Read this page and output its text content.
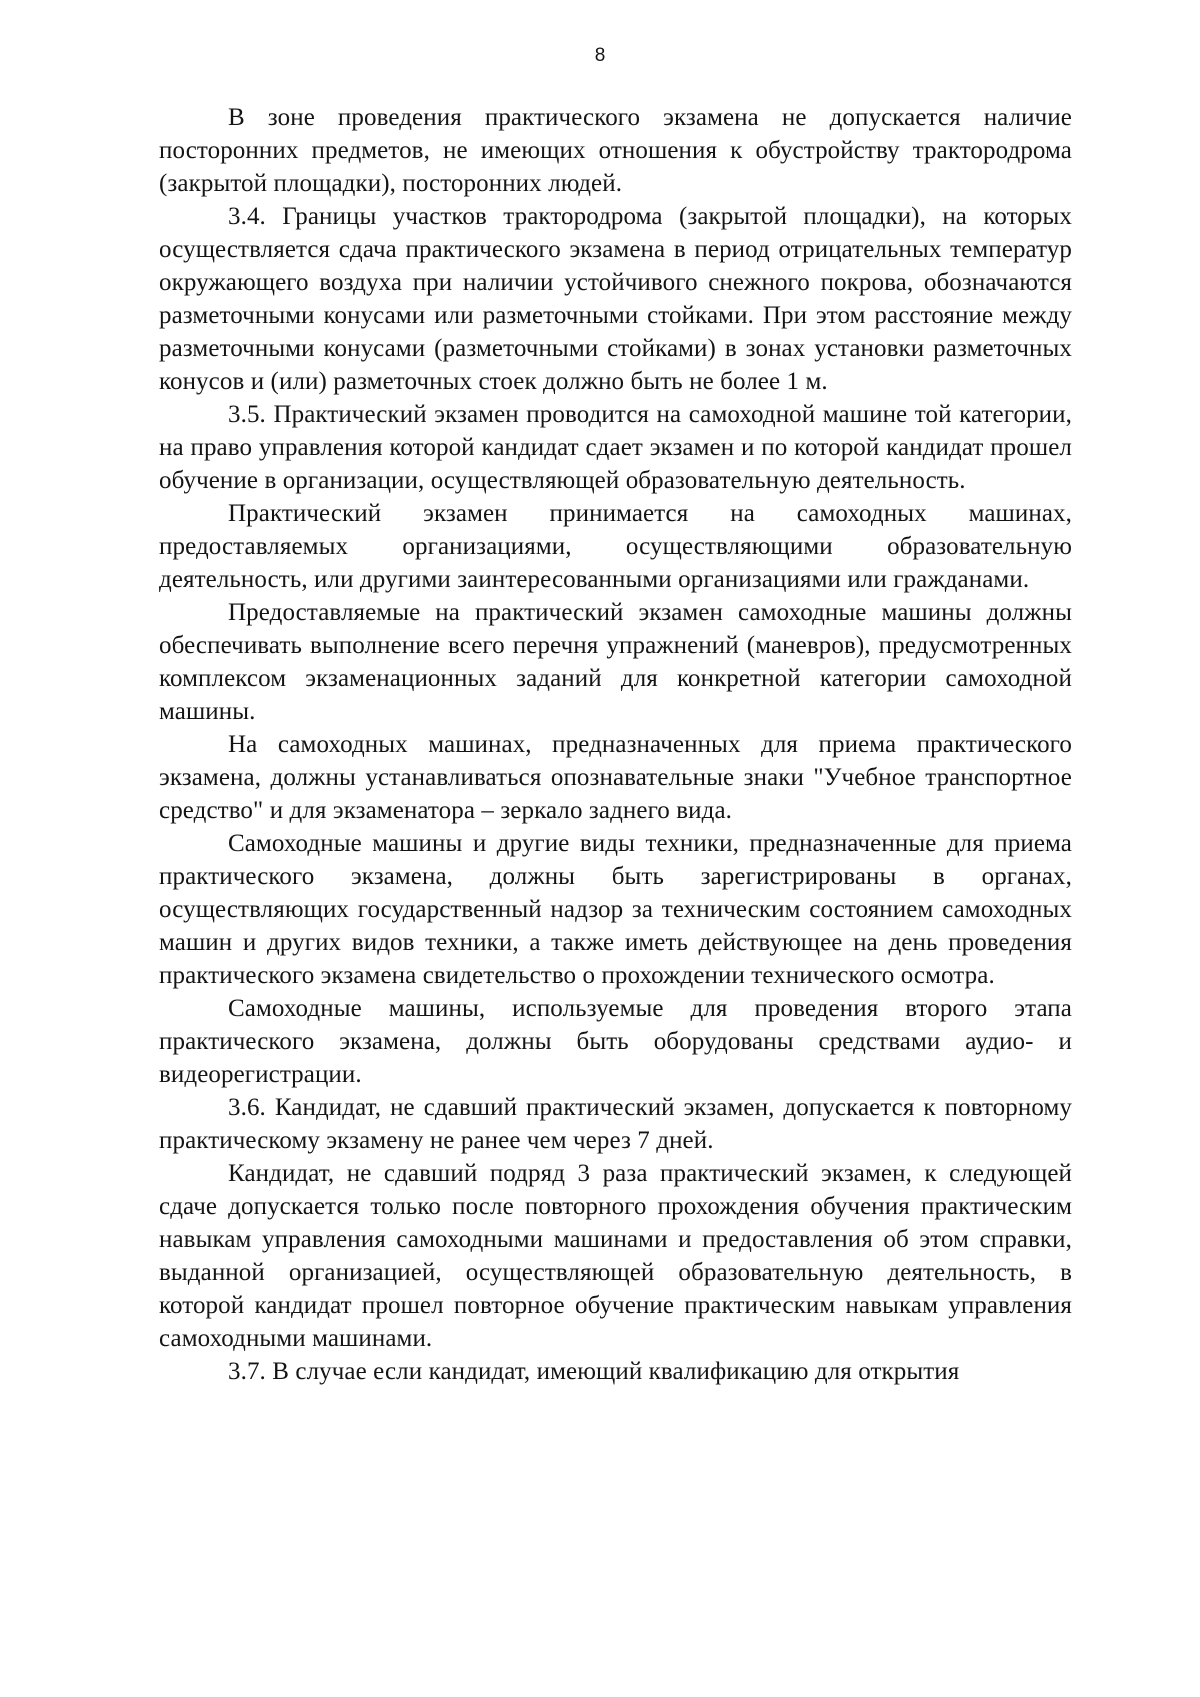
8

В зоне проведения практического экзамена не допускается наличие посторонних предметов, не имеющих отношения к обустройству трактородрома (закрытой площадки), посторонних людей.

3.4. Границы участков трактородрома (закрытой площадки), на которых осуществляется сдача практического экзамена в период отрицательных температур окружающего воздуха при наличии устойчивого снежного покрова, обозначаются разметочными конусами или разметочными стойками. При этом расстояние между разметочными конусами (разметочными стойками) в зонах установки разметочных конусов и (или) разметочных стоек должно быть не более 1 м.

3.5. Практический экзамен проводится на самоходной машине той категории, на право управления которой кандидат сдает экзамен и по которой кандидат прошел обучение в организации, осуществляющей образовательную деятельность.

Практический экзамен принимается на самоходных машинах, предоставляемых организациями, осуществляющими образовательную деятельность, или другими заинтересованными организациями или гражданами.

Предоставляемые на практический экзамен самоходные машины должны обеспечивать выполнение всего перечня упражнений (маневров), предусмотренных комплексом экзаменационных заданий для конкретной категории самоходной машины.

На самоходных машинах, предназначенных для приема практического экзамена, должны устанавливаться опознавательные знаки "Учебное транспортное средство" и для экзаменатора – зеркало заднего вида.

Самоходные машины и другие виды техники, предназначенные для приема практического экзамена, должны быть зарегистрированы в органах, осуществляющих государственный надзор за техническим состоянием самоходных машин и других видов техники, а также иметь действующее на день проведения практического экзамена свидетельство о прохождении технического осмотра.

Самоходные машины, используемые для проведения второго этапа практического экзамена, должны быть оборудованы средствами аудио- и видеорегистрации.

3.6. Кандидат, не сдавший практический экзамен, допускается к повторному практическому экзамену не ранее чем через 7 дней.

Кандидат, не сдавший подряд 3 раза практический экзамен, к следующей сдаче допускается только после повторного прохождения обучения практическим навыкам управления самоходными машинами и предоставления об этом справки, выданной организацией, осуществляющей образовательную деятельность, в которой кандидат прошел повторное обучение практическим навыкам управления самоходными машинами.

3.7. В случае если кандидат, имеющий квалификацию для открытия
